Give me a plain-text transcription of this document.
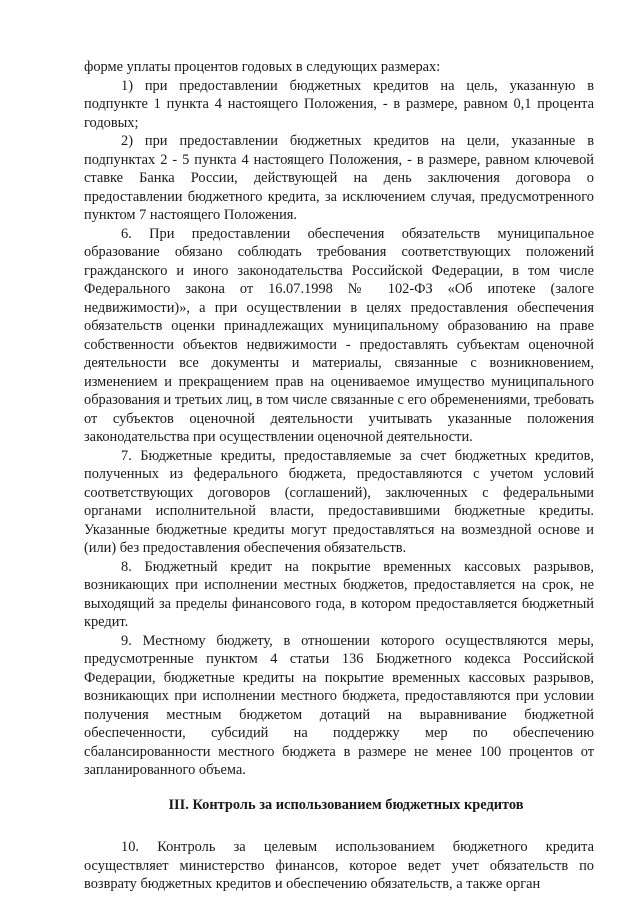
форме уплаты процентов годовых в следующих размерах:

1) при предоставлении бюджетных кредитов на цель, указанную в подпункте 1 пункта 4 настоящего Положения, - в размере, равном 0,1 процента годовых;

2) при предоставлении бюджетных кредитов на цели, указанные в подпунктах 2 - 5 пункта 4 настоящего Положения, - в размере, равном ключевой ставке Банка России, действующей на день заключения договора о предоставлении бюджетного кредита, за исключением случая, предусмотренного пунктом 7 настоящего Положения.

6. При предоставлении обеспечения обязательств муниципальное образование обязано соблюдать требования соответствующих положений гражданского и иного законодательства Российской Федерации, в том числе Федерального закона от 16.07.1998 № 102-ФЗ «Об ипотеке (залоге недвижимости)», а при осуществлении в целях предоставления обеспечения обязательств оценки принадлежащих муниципальному образованию на праве собственности объектов недвижимости - предоставлять субъектам оценочной деятельности все документы и материалы, связанные с возникновением, изменением и прекращением прав на оцениваемое имущество муниципального образования и третьих лиц, в том числе связанные с его обременениями, требовать от субъектов оценочной деятельности учитывать указанные положения законодательства при осуществлении оценочной деятельности.

7. Бюджетные кредиты, предоставляемые за счет бюджетных кредитов, полученных из федерального бюджета, предоставляются с учетом условий соответствующих договоров (соглашений), заключенных с федеральными органами исполнительной власти, предоставившими бюджетные кредиты. Указанные бюджетные кредиты могут предоставляться на возмездной основе и (или) без предоставления обеспечения обязательств.

8. Бюджетный кредит на покрытие временных кассовых разрывов, возникающих при исполнении местных бюджетов, предоставляется на срок, не выходящий за пределы финансового года, в котором предоставляется бюджетный кредит.

9. Местному бюджету, в отношении которого осуществляются меры, предусмотренные пунктом 4 статьи 136 Бюджетного кодекса Российской Федерации, бюджетные кредиты на покрытие временных кассовых разрывов, возникающих при исполнении местного бюджета, предоставляются при условии получения местным бюджетом дотаций на выравнивание бюджетной обеспеченности, субсидий на поддержку мер по обеспечению сбалансированности местного бюджета в размере не менее 100 процентов от запланированного объема.

III. Контроль за использованием бюджетных кредитов

10. Контроль за целевым использованием бюджетного кредита осуществляет министерство финансов, которое ведет учет обязательств по возврату бюджетных кредитов и обеспечению обязательств, а также орган
